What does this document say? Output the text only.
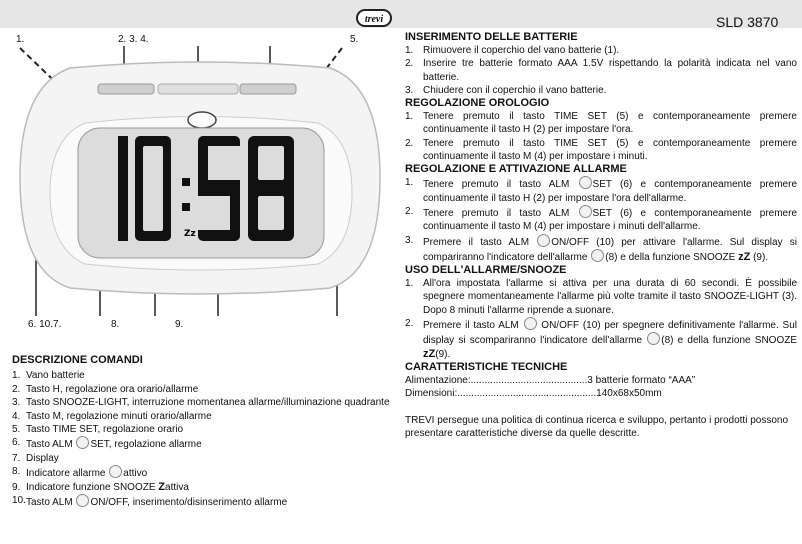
trevi	SLD 3870
Zz
1.	2. 3. 4.	5.
6. 10.7.	8.	9.
DESCRIZIONE COMANDI
1. Vano batterie
2. Tasto H, regolazione ora orario/allarme
3. Tasto SNOOZE-LIGHT, interruzione momentanea allarme/illuminazione quadrante
4. Tasto M, regolazione minuti orario/allarme
5. Tasto TIME SET, regolazione orario
6. Tasto ALM SET, regolazione allarme
7. Display
8. Indicatore allarme attivo
9. Indicatore funzione SNOOZE Zattiva
10. Tasto ALM ON/OFF, inserimento/disinserimento allarme
INSERIMENTO DELLE BATTERIE
1. Rimuovere il coperchio del vano batterie (1).
2. Inserire tre batterie formato AAA 1.5V rispettando la polarità indicata nel vano batterie.
3. Chiudere con il coperchio il vano batterie.
REGOLAZIONE OROLOGIO
1. Tenere premuto il tasto TIME SET (5) e contemporaneamente premere continuamente il tasto H (2) per impostare l'ora.
2. Tenere premuto il tasto TIME SET (5) e contemporaneamente premere continuamente il tasto M (4) per impostare i minuti.
REGOLAZIONE E ATTIVAZIONE ALLARME
1. Tenere premuto il tasto ALM SET (6) e contemporaneamente premere continuamente il tasto H (2) per impostare l'ora dell'allarme.
2. Tenere premuto il tasto ALM SET (6) e contemporaneamente premere continuamente il tasto M (4) per impostare i minuti dell'allarme.
3. Premere il tasto ALM ON/OFF (10) per attivare l'allarme. Sul display si compariranno l'indicatore dell'allarme (8) e della funzione SNOOZE zZ (9).
USO DELL'ALLARME/SNOOZE
1. All'ora impostata l'allarme si attiva per una durata di 60 secondi. È possibile spegnere momentaneamente l'allarme più volte tramite il tasto SNOOZE-LIGHT (3). Dopo 8 minuti l'allarme riprende a suonare.
2. Premere il tasto ALM  ON/OFF (10) per spegnere definitivamente l'allarme. Sul display si scompariranno l'indicatore dell'allarme (8) e della funzione SNOOZE zZ(9).
CARATTERISTICHE TECNICHE
Alimentazione:..........................................3 batterie formato “AAA”
Dimensioni:..................................................140x68x50mm

TREVI persegue una politica di continua ricerca e sviluppo, pertanto i prodotti possono presentare caratteristiche diverse da quelle descritte.
